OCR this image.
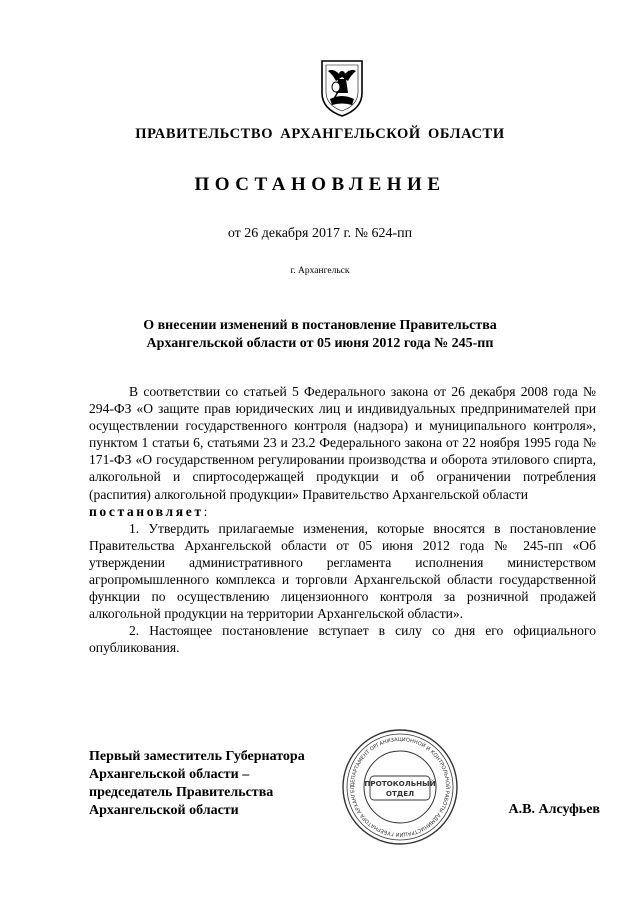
ПРАВИТЕЛЬСТВО АРХАНГЕЛЬСКОЙ ОБЛАСТИ
ПОСТАНОВЛЕНИЕ
от 26 декабря 2017 г. № 624-пп
г. Архангельск
О внесении изменений в постановление Правительства
Архангельской области от 05 июня 2012 года № 245-пп

В соответствии со статьей 5 Федерального закона от 26 декабря 2008 года № 294-ФЗ «О защите прав юридических лиц и индивидуальных предпринимателей при осуществлении государственного контроля (надзора) и муниципального контроля», пунктом 1 статьи 6, статьями 23 и 23.2 Федерального закона от 22 ноября 1995 года № 171-ФЗ «О государственном регулировании производства и оборота этилового спирта, алкогольной и спиртосодержащей продукции и об ограничении потребления (распития) алкогольной продукции» Правительство Архангельской области

постановляет:

1. Утвердить прилагаемые изменения, которые вносятся в постановление Правительства Архангельской области от 05 июня 2012 года № 245-пп «Об утверждении административного регламента исполнения министерством агропромышленного комплекса и торговли Архангельской области государственной функции по осуществлению лицензионного контроля за розничной продажей алкогольной продукции на территории Архангельской области».

2. Настоящее постановление вступает в силу со дня его официального опубликования.

Первый заместитель Губернатора
Архангельской области –
председатель Правительства
Архангельской области	А.В. Алсуфьев
ДЕПАРТАМЕНТ ОРГАНИЗАЦИОННОЙ И КОНТРОЛЬНОЙ РАБОТЫ АДМИНИСТРАЦИИ ГУБЕРНАТОРА АРХАНГЕЛ	ПРОТОКОЛЬНЫЙ
ОТДЕЛ
